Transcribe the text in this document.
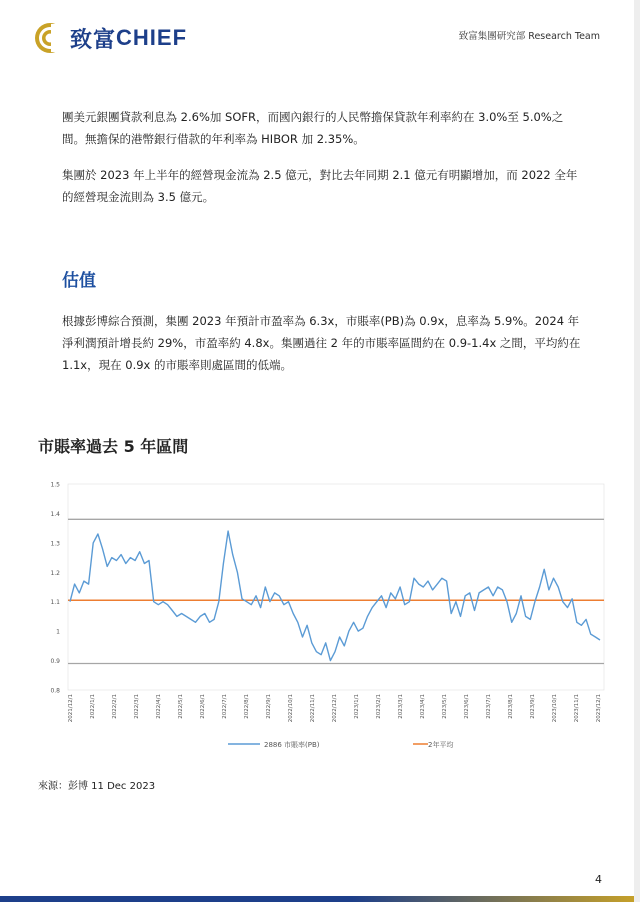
致富 CHIEF	致富集團研究部 Research Team

團美元銀團貸款利息為 2.6%加 SOFR，而國內銀行的人民幣擔保貸款年利率約在 3.0%至 5.0%之間。無擔保的港幣銀行借款的年利率為 HIBOR 加 2.35%。

集團於 2023 年上半年的經營現金流為 2.5 億元，對比去年同期 2.1 億元有明顯增加，而 2022 全年的經營現金流則為 3.5 億元。

估值

根據彭博綜合預測，集團 2023 年預計市盈率為 6.3x，市賬率(PB)為 0.9x，息率為 5.9%。2024 年淨利潤預計增長約 29%，市盈率約 4.8x。集團過往 2 年的市賬率區間約在 0.9-1.4x 之間，平均約在 1.1x，現在 0.9x 的市賬率則處區間的低端。

市賬率過去 5 年區間
1.5
1.4
1.3
1.2
1.1
1
0.9
0.8
2021/12/1	2022/1/1	2022/2/1	2022/3/1	2022/4/1	2022/5/1	2022/6/1	2022/7/1	2022/8/1	2022/9/1	2022/10/1	2022/11/1	2022/12/1	2023/1/1	2023/2/1	2023/3/1	2023/4/1	2023/5/1	2023/6/1	2023/7/1	2023/8/1	2023/9/1	2023/10/1	2023/11/1	2023/12/1
2886 市賬率(PB)	2年平均
來源：彭博 11 Dec 2023
4
